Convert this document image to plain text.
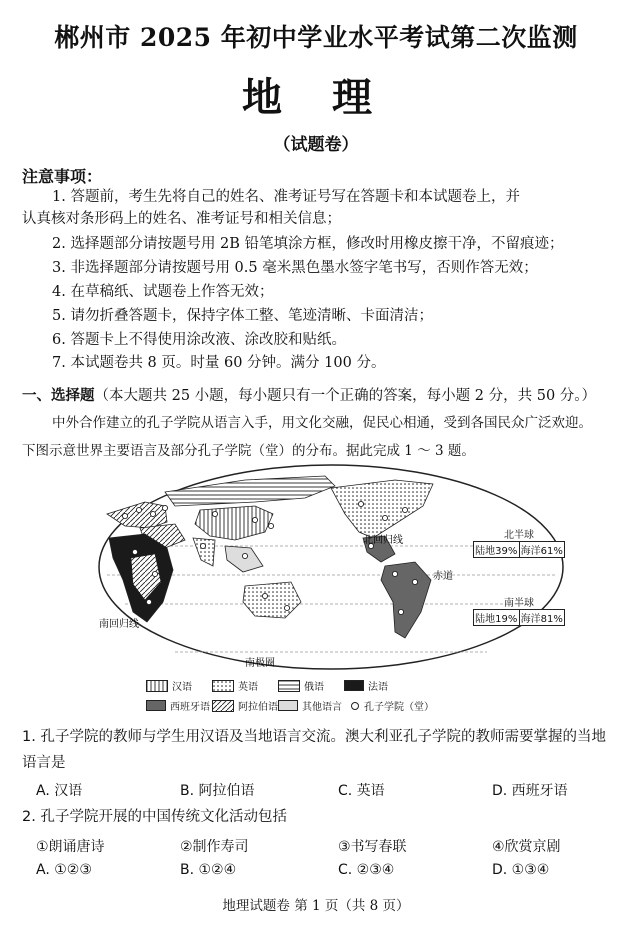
郴州市 2025 年初中学业水平考试第二次监测
地 理
（试题卷）
注意事项：
1. 答题前，考生先将自己的姓名、准考证号写在答题卡和本试题卷上，并
认真核对条形码上的姓名、准考证号和相关信息；
2. 选择题部分请按题号用 2B 铅笔填涂方框，修改时用橡皮擦干净，不留痕迹；
3. 非选择题部分请按题号用 0.5 毫米黑色墨水签字笔书写，否则作答无效；
4. 在草稿纸、试题卷上作答无效；
5. 请勿折叠答题卡，保持字体工整、笔迹清晰、卡面清洁；
6. 答题卡上不得使用涂改液、涂改胶和贴纸。
7. 本试题卷共 8 页。时量 60 分钟。满分 100 分。
一、选择题（本大题共 25 小题，每小题只有一个正确的答案，每小题 2 分，共 50 分。）
中外合作建立的孔子学院从语言入手，用文化交融，促民心相通，受到各国民众广泛欢迎。
下图示意世界主要语言及部分孔子学院（堂）的分布。据此完成 1 ～ 3 题。
北回归线
赤道
南回归线
南极圈
北半球
陆地39% 海洋61%
南半球
陆地19% 海洋81%
汉语	英语	俄语	法语
西班牙语	阿拉伯语 其他语言 孔子学院（堂）
1. 孔子学院的教师与学生用汉语及当地语言交流。澳大利亚孔子学院的教师需要掌握的当地
语言是
A. 汉语	B. 阿拉伯语	C. 英语	D. 西班牙语
2. 孔子学院开展的中国传统文化活动包括
①朗诵唐诗	②制作寿司	③书写春联	④欣赏京剧
A. ①②③	B. ①②④	C. ②③④	D. ①③④
地理试题卷 第 1 页（共 8 页）
